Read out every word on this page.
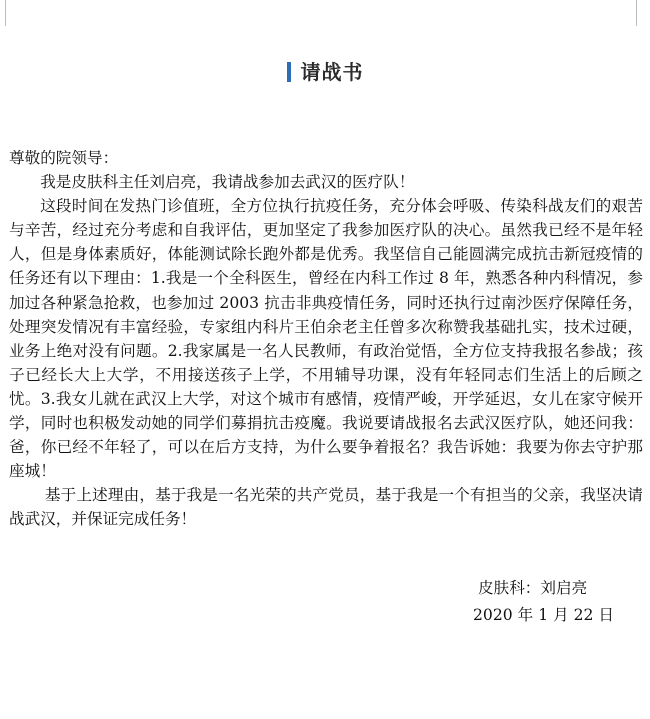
请战书

尊敬的院领导：

我是皮肤科主任刘启亮，我请战参加去武汉的医疗队！

这段时间在发热门诊值班，全方位执行抗疫任务，充分体会呼吸、传染科战友们的艰苦与辛苦，经过充分考虑和自我评估，更加坚定了我参加医疗队的决心。虽然我已经不是年轻人，但是身体素质好，体能测试除长跑外都是优秀。我坚信自己能圆满完成抗击新冠疫情的任务还有以下理由：1.我是一个全科医生，曾经在内科工作过 8 年，熟悉各种内科情况，参加过各种紧急抢救，也参加过 2003 抗击非典疫情任务，同时还执行过南沙医疗保障任务，处理突发情况有丰富经验，专家组内科片王伯余老主任曾多次称赞我基础扎实，技术过硬，业务上绝对没有问题。2.我家属是一名人民教师，有政治觉悟，全方位支持我报名参战；孩子已经长大上大学，不用接送孩子上学，不用辅导功课，没有年轻同志们生活上的后顾之忧。3.我女儿就在武汉上大学，对这个城市有感情，疫情严峻，开学延迟，女儿在家守候开学，同时也积极发动她的同学们募捐抗击疫魔。我说要请战报名去武汉医疗队，她还问我：爸，你已经不年轻了，可以在后方支持，为什么要争着报名？我告诉她：我要为你去守护那座城！

基于上述理由，基于我是一名光荣的共产党员，基于我是一个有担当的父亲，我坚决请战武汉，并保证完成任务！

皮肤科：刘启亮
2020 年 1 月 22 日
